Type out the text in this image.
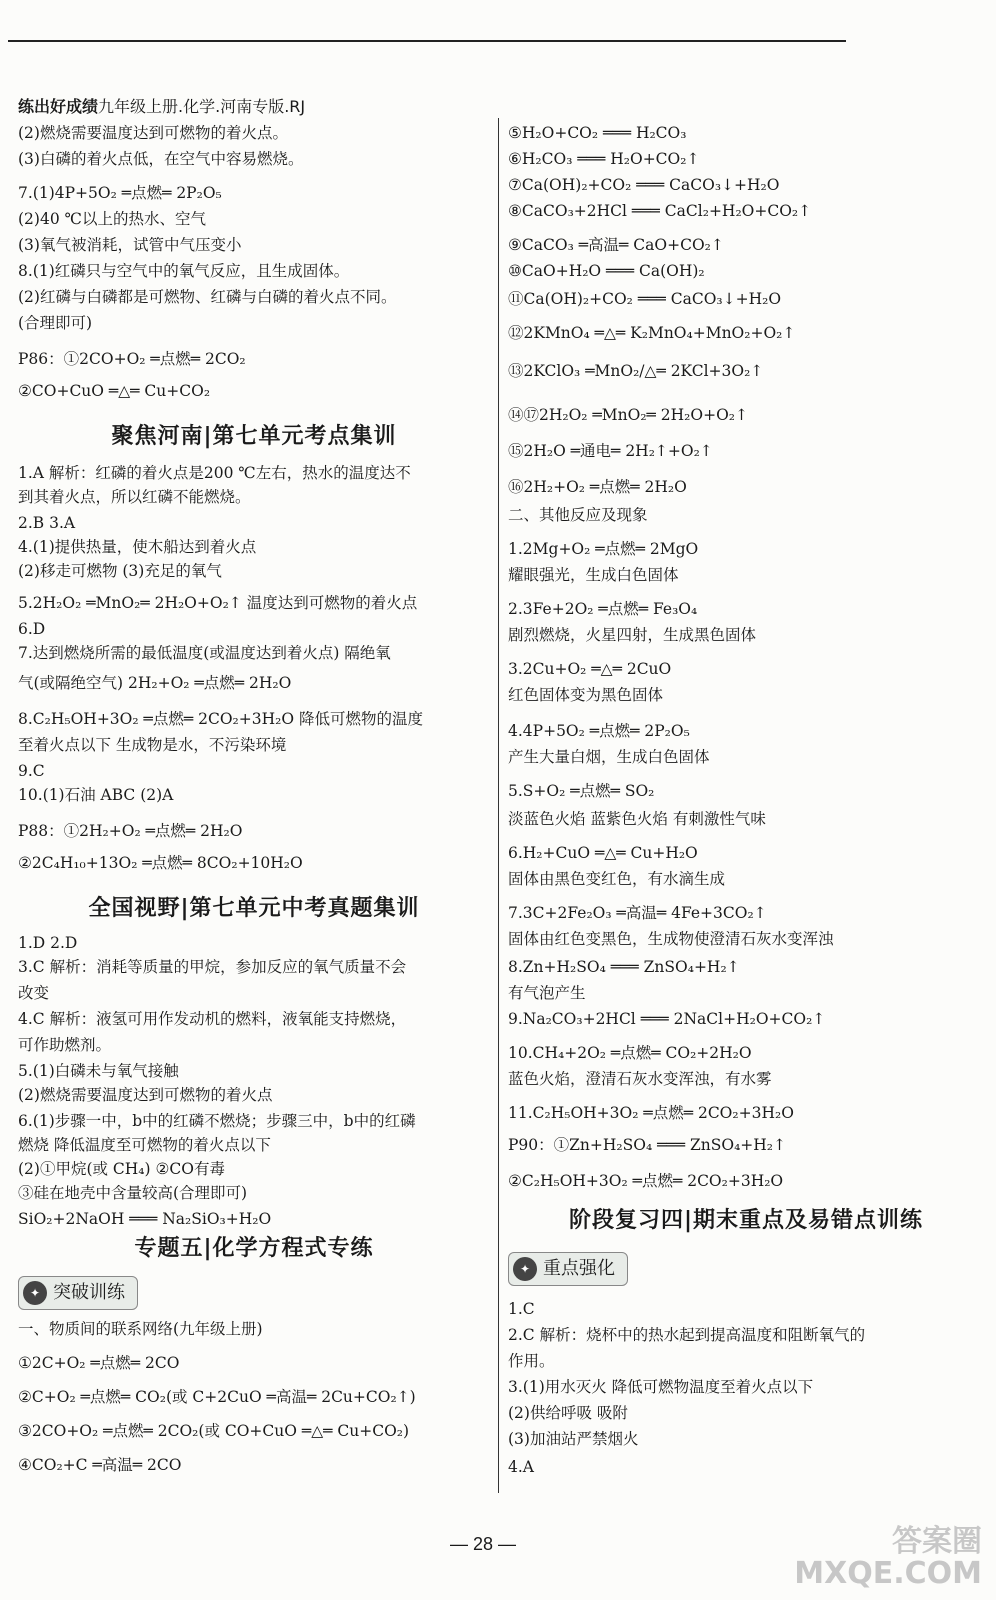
练出好成绩九年级上册.化学.河南专版.RJ
(2)燃烧需要温度达到可燃物的着火点。
(3)白磷的着火点低，在空气中容易燃烧。
7.(1)4P+5O₂ ═点燃═ 2P₂O₅
(2)40 ℃以上的热水、空气
(3)氧气被消耗，试管中气压变小
8.(1)红磷只与空气中的氧气反应，且生成固体。
(2)红磷与白磷都是可燃物、红磷与白磷的着火点不同。
(合理即可)
P86：①2CO+O₂ ═点燃═ 2CO₂
②CO+CuO ═△═ Cu+CO₂
聚焦河南|第七单元考点集训
1.A 解析：红磷的着火点是200 ℃左右，热水的温度达不
到其着火点，所以红磷不能燃烧。
2.B 3.A
4.(1)提供热量，使木船达到着火点
(2)移走可燃物 (3)充足的氧气
5.2H₂O₂ ═MnO₂═ 2H₂O+O₂↑ 温度达到可燃物的着火点
6.D
7.达到燃烧所需的最低温度(或温度达到着火点) 隔绝氧
气(或隔绝空气) 2H₂+O₂ ═点燃═ 2H₂O
8.C₂H₅OH+3O₂ ═点燃═ 2CO₂+3H₂O 降低可燃物的温度
至着火点以下 生成物是水，不污染环境
9.C
10.(1)石油 ABC (2)A
P88：①2H₂+O₂ ═点燃═ 2H₂O
②2C₄H₁₀+13O₂ ═点燃═ 8CO₂+10H₂O
全国视野|第七单元中考真题集训
1.D 2.D
3.C 解析：消耗等质量的甲烷，参加反应的氧气质量不会
改变
4.C 解析：液氢可用作发动机的燃料，液氧能支持燃烧，
可作助燃剂。
5.(1)白磷未与氧气接触
(2)燃烧需要温度达到可燃物的着火点
6.(1)步骤一中，b中的红磷不燃烧；步骤三中，b中的红磷
燃烧 降低温度至可燃物的着火点以下
(2)①甲烷(或 CH₄) ②CO有毒
③硅在地壳中含量较高(合理即可)
SiO₂+2NaOH ═══ Na₂SiO₃+H₂O
专题五|化学方程式专练
一、物质间的联系网络(九年级上册)
①2C+O₂ ═点燃═ 2CO
②C+O₂ ═点燃═ CO₂(或 C+2CuO ═高温═ 2Cu+CO₂↑)
③2CO+O₂ ═点燃═ 2CO₂(或 CO+CuO ═△═ Cu+CO₂)
④CO₂+C ═高温═ 2CO
✦ 突破训练
⑤H₂O+CO₂ ═══ H₂CO₃
⑥H₂CO₃ ═══ H₂O+CO₂↑
⑦Ca(OH)₂+CO₂ ═══ CaCO₃↓+H₂O
⑧CaCO₃+2HCl ═══ CaCl₂+H₂O+CO₂↑
⑨CaCO₃ ═高温═ CaO+CO₂↑
⑩CaO+H₂O ═══ Ca(OH)₂
⑪Ca(OH)₂+CO₂ ═══ CaCO₃↓+H₂O
⑫2KMnO₄ ═△═ K₂MnO₄+MnO₂+O₂↑
⑬2KClO₃ ═MnO₂/△═ 2KCl+3O₂↑
⑭⑰2H₂O₂ ═MnO₂═ 2H₂O+O₂↑
⑮2H₂O ═通电═ 2H₂↑+O₂↑
⑯2H₂+O₂ ═点燃═ 2H₂O
二、其他反应及现象
1.2Mg+O₂ ═点燃═ 2MgO
耀眼强光，生成白色固体
2.3Fe+2O₂ ═点燃═ Fe₃O₄
剧烈燃烧，火星四射，生成黑色固体
3.2Cu+O₂ ═△═ 2CuO
红色固体变为黑色固体
4.4P+5O₂ ═点燃═ 2P₂O₅
产生大量白烟，生成白色固体
5.S+O₂ ═点燃═ SO₂
淡蓝色火焰 蓝紫色火焰 有刺激性气味
6.H₂+CuO ═△═ Cu+H₂O
固体由黑色变红色，有水滴生成
7.3C+2Fe₂O₃ ═高温═ 4Fe+3CO₂↑
固体由红色变黑色，生成物使澄清石灰水变浑浊
8.Zn+H₂SO₄ ═══ ZnSO₄+H₂↑
有气泡产生
9.Na₂CO₃+2HCl ═══ 2NaCl+H₂O+CO₂↑
10.CH₄+2O₂ ═点燃═ CO₂+2H₂O
蓝色火焰，澄清石灰水变浑浊，有水雾
11.C₂H₅OH+3O₂ ═点燃═ 2CO₂+3H₂O
P90：①Zn+H₂SO₄ ═══ ZnSO₄+H₂↑
②C₂H₅OH+3O₂ ═点燃═ 2CO₂+3H₂O
阶段复习四|期末重点及易错点训练
1.C
2.C 解析：烧杯中的热水起到提高温度和阻断氧气的
作用。
3.(1)用水灭火 降低可燃物温度至着火点以下
(2)供给呼吸 吸附
(3)加油站严禁烟火
4.A
✦ 重点强化
— 28 —	答案圈
MXQE.COM
